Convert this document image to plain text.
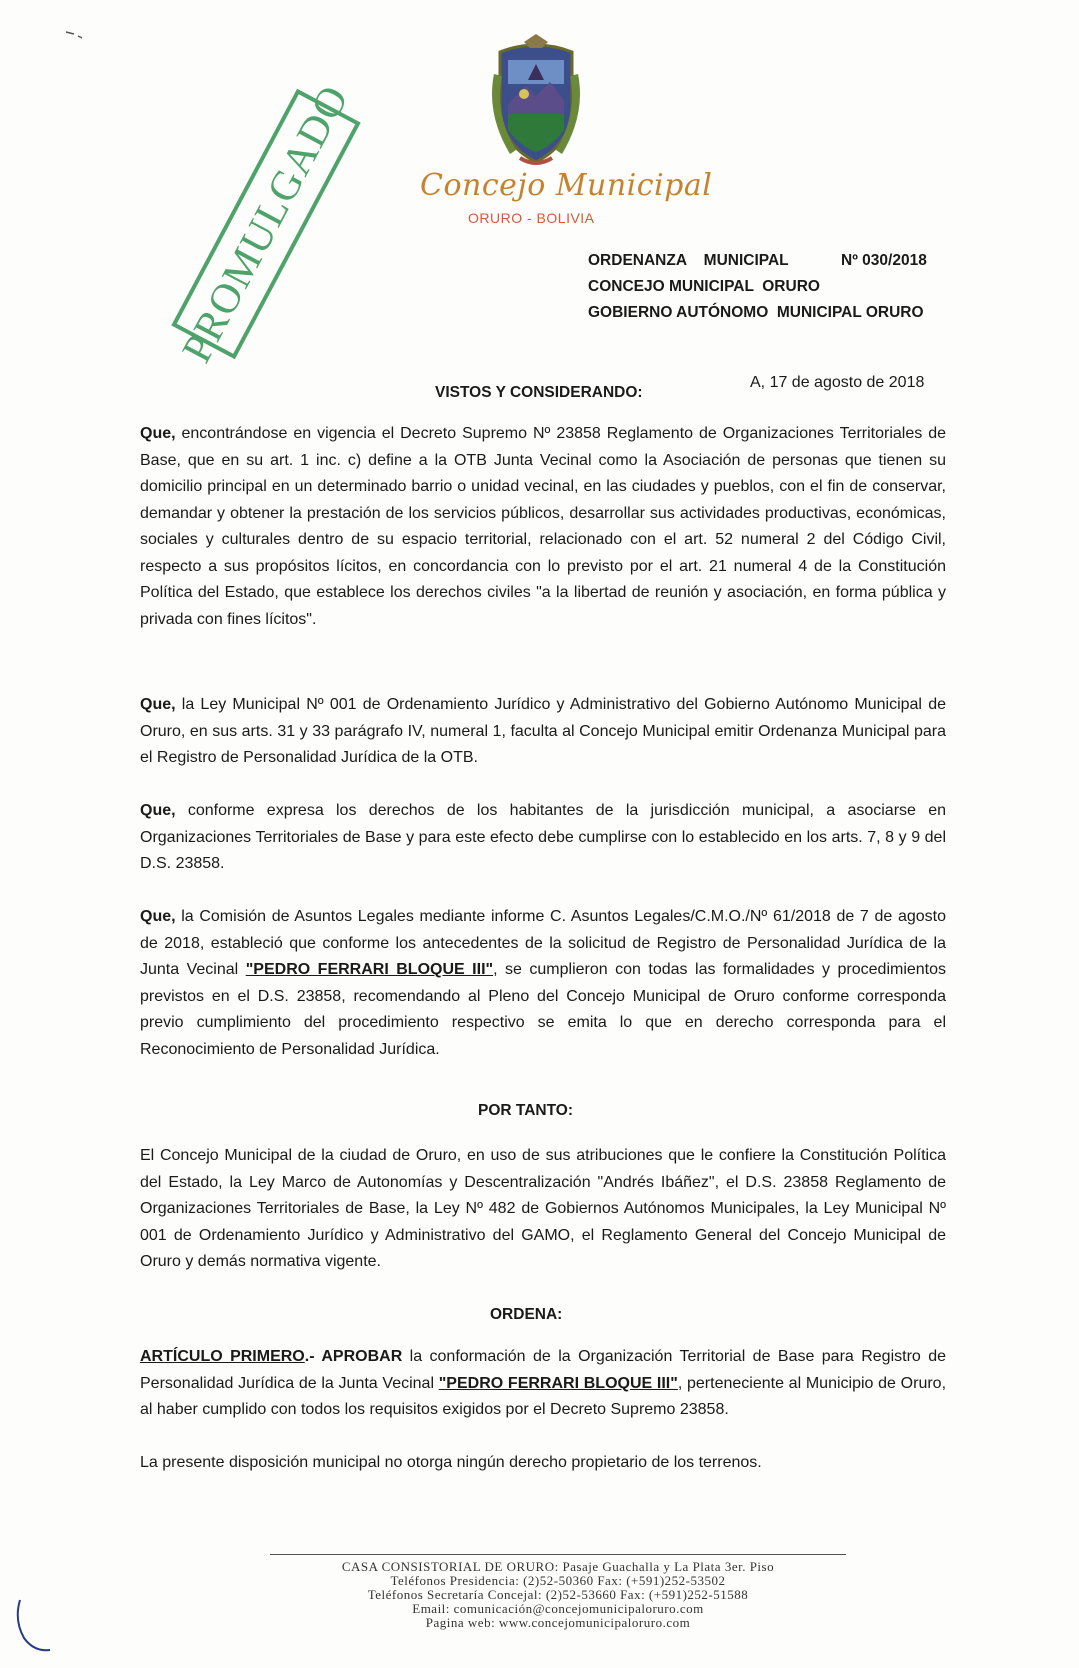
Concejo Municipal
ORURO - BOLIVIA
PROMULGADO	ORDENANZA    MUNICIPAL	Nº 030/2018
CONCEJO MUNICIPAL  ORURO
GOBIERNO AUTÓNOMO  MUNICIPAL ORURO
A, 17 de agosto de 2018
VISTOS Y CONSIDERANDO:
Que, encontrándose en vigencia el Decreto Supremo Nº 23858 Reglamento de Organizaciones Territoriales de Base, que en su art. 1 inc. c) define a la OTB Junta Vecinal como la Asociación de personas que tienen su domicilio principal en un determinado barrio o unidad vecinal, en las ciudades y pueblos, con el fin de conservar, demandar y obtener la prestación de los servicios públicos, desarrollar sus actividades productivas, económicas, sociales y culturales dentro de su espacio territorial, relacionado con el art. 52 numeral 2 del Código Civil, respecto a sus propósitos lícitos, en concordancia con lo previsto por el art. 21 numeral 4 de la Constitución Política del Estado, que establece los derechos civiles "a la libertad de reunión y asociación, en forma pública y privada con fines lícitos".
Que, la Ley Municipal Nº 001 de Ordenamiento Jurídico y Administrativo del Gobierno Autónomo Municipal de Oruro, en sus arts. 31 y 33 parágrafo IV, numeral 1, faculta al Concejo Municipal emitir Ordenanza Municipal para el Registro de Personalidad Jurídica de la OTB.
Que, conforme expresa los derechos de los habitantes de la jurisdicción municipal, a asociarse en Organizaciones Territoriales de Base y para este efecto debe cumplirse con lo establecido en los arts. 7, 8 y 9 del D.S. 23858.
Que, la Comisión de Asuntos Legales mediante informe C. Asuntos Legales/C.M.O./Nº 61/2018 de 7 de agosto de 2018, estableció que conforme los antecedentes de la solicitud de Registro de Personalidad Jurídica de la Junta Vecinal "PEDRO FERRARI BLOQUE III", se cumplieron con todas las formalidades y procedimientos previstos en el D.S. 23858, recomendando al Pleno del Concejo Municipal de Oruro conforme corresponda previo cumplimiento del procedimiento respectivo se emita lo que en derecho corresponda para el Reconocimiento de Personalidad Jurídica.
POR TANTO:
El Concejo Municipal de la ciudad de Oruro, en uso de sus atribuciones que le confiere la Constitución Política del Estado, la Ley Marco de Autonomías y Descentralización "Andrés Ibáñez", el D.S. 23858 Reglamento de Organizaciones Territoriales de Base, la Ley Nº 482 de Gobiernos Autónomos Municipales, la Ley Municipal Nº 001 de Ordenamiento Jurídico y Administrativo del GAMO, el Reglamento General del Concejo Municipal de Oruro y demás normativa vigente.
ORDENA:
ARTÍCULO PRIMERO.- APROBAR la conformación de la Organización Territorial de Base para Registro de Personalidad Jurídica de la Junta Vecinal "PEDRO FERRARI BLOQUE III", perteneciente al Municipio de Oruro, al haber cumplido con todos los requisitos exigidos por el Decreto Supremo 23858.
La presente disposición municipal no otorga ningún derecho propietario de los terrenos.
CASA CONSISTORIAL DE ORURO: Pasaje Guachalla y La Plata 3er. Piso
Teléfonos Presidencia: (2)52-50360 Fax: (+591)252-53502
Teléfonos Secretaría Concejal: (2)52-53660 Fax: (+591)252-51588
Email: comunicación@concejomunicipaloruro.com
Pagina web: www.concejomunicipaloruro.com
